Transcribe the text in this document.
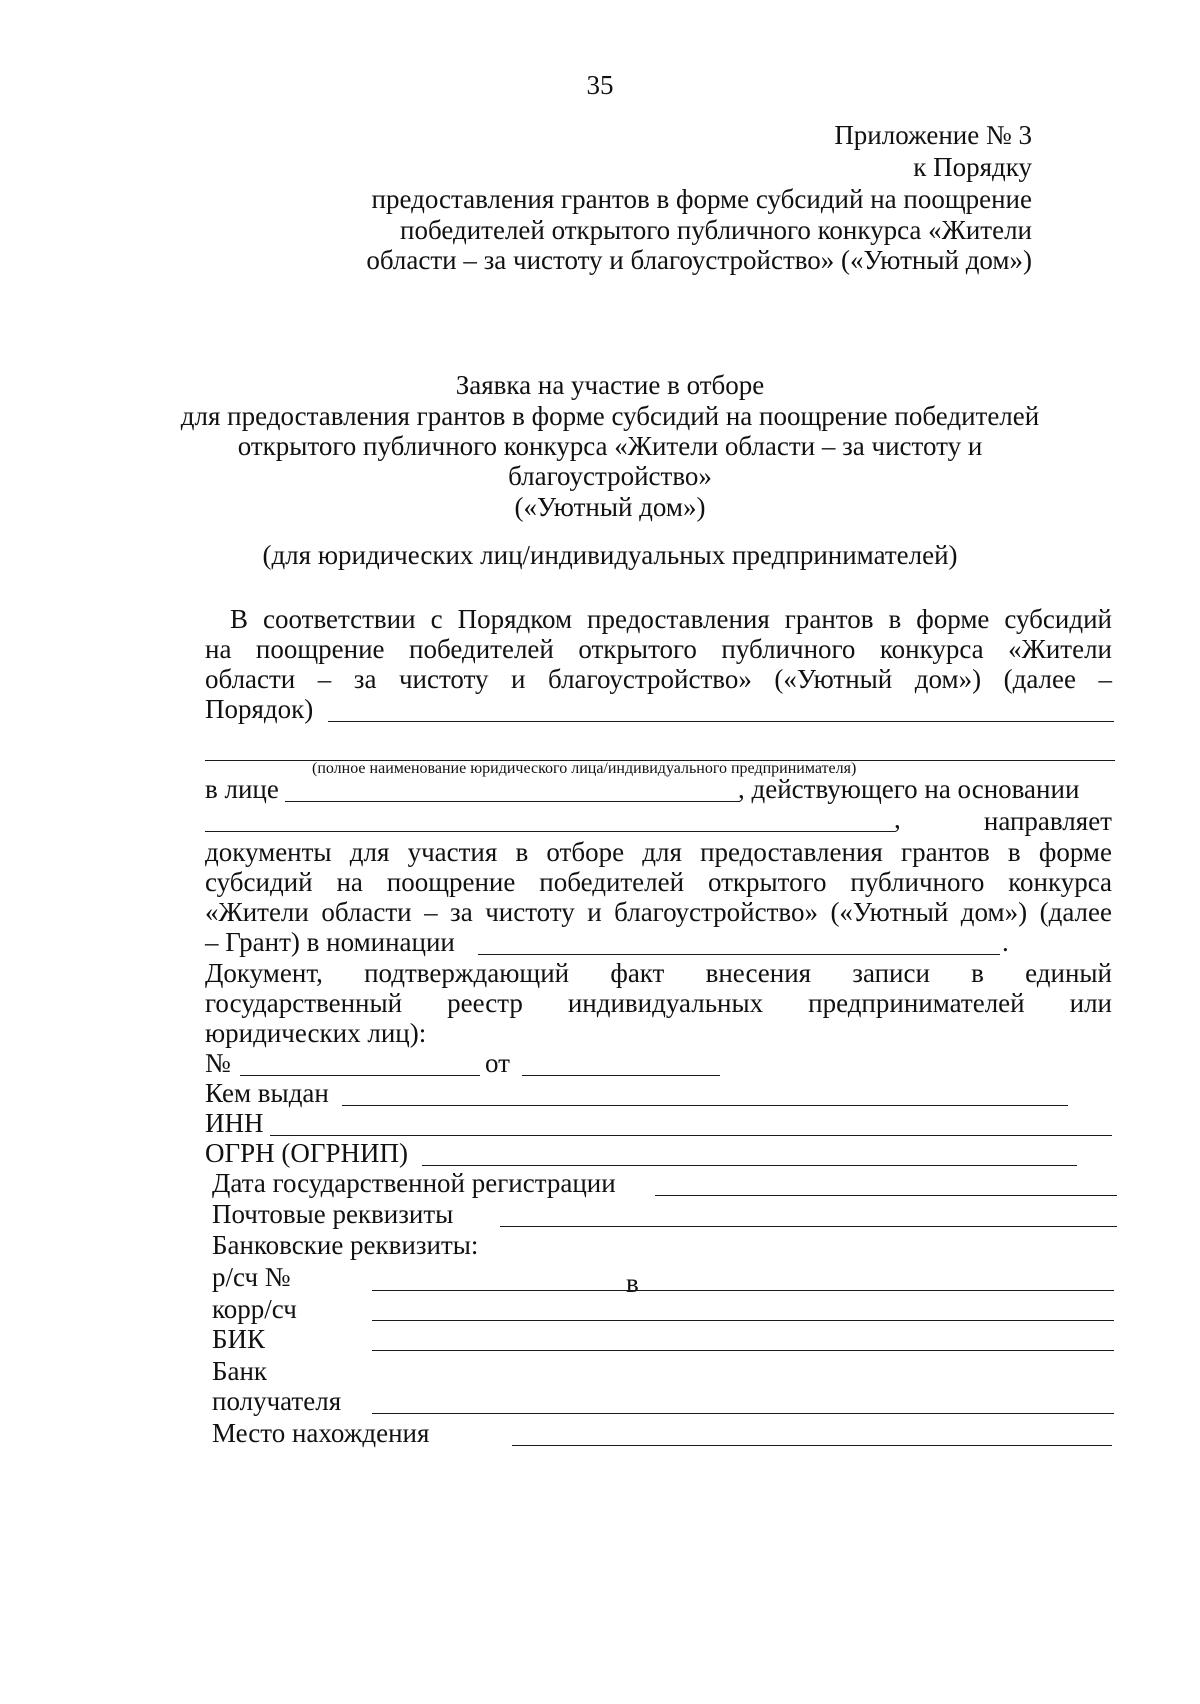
35
Приложение № 3
к Порядку
предоставления грантов в форме субсидий на поощрение
победителей открытого публичного конкурса «Жители
области – за чистоту и благоустройство» («Уютный дом»)
Заявка на участие в отборе
для предоставления грантов в форме субсидий на поощрение победителей
открытого публичного конкурса «Жители области – за чистоту и
благоустройство»
(«Уютный дом»)
(для юридических лиц/индивидуальных предпринимателей)
В соответствии с Порядком предоставления грантов в форме субсидий
на поощрение победителей открытого публичного конкурса «Жители
области – за чистоту и благоустройство» («Уютный дом») (далее –
Порядок)
(полное наименование юридического лица/индивидуального предпринимателя)
в лице	, действующего на основании
,	направляет
документы для участия в отборе для предоставления грантов в форме
субсидий на поощрение победителей открытого публичного конкурса
«Жители области – за чистоту и благоустройство» («Уютный дом») (далее
– Грант) в номинации	.
Документ, подтверждающий факт внесения записи в единый
государственный реестр индивидуальных предпринимателей или
юридических лиц):
№	от
Кем выдан
ИНН
ОГРН (ОГРНИП)
Дата государственной регистрации
Почтовые реквизиты
Банковские реквизиты:
р/сч №	в
корр/сч
БИК
Банк
получателя
Место нахождения
